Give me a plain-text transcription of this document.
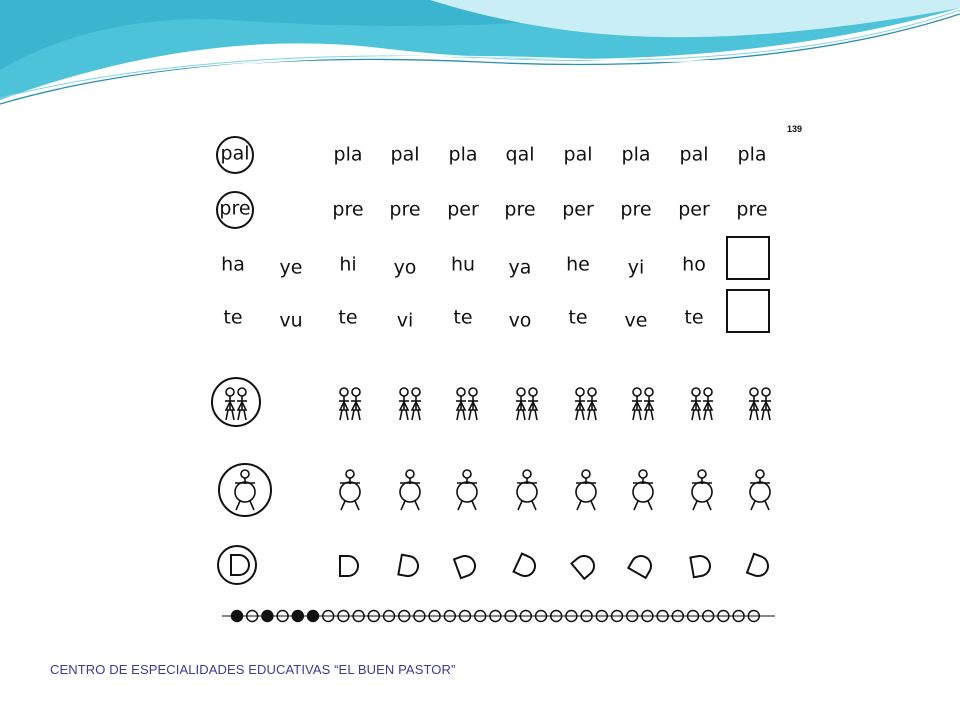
pal	pla pal pla qal pal pla pal pla
pre	pre pre per pre per pre per pre
ha ye hi yo hu ya he yi ho
te vu te vi te vo te ve te
139
CENTRO DE ESPECIALIDADES EDUCATIVAS “EL BUEN PASTOR”
